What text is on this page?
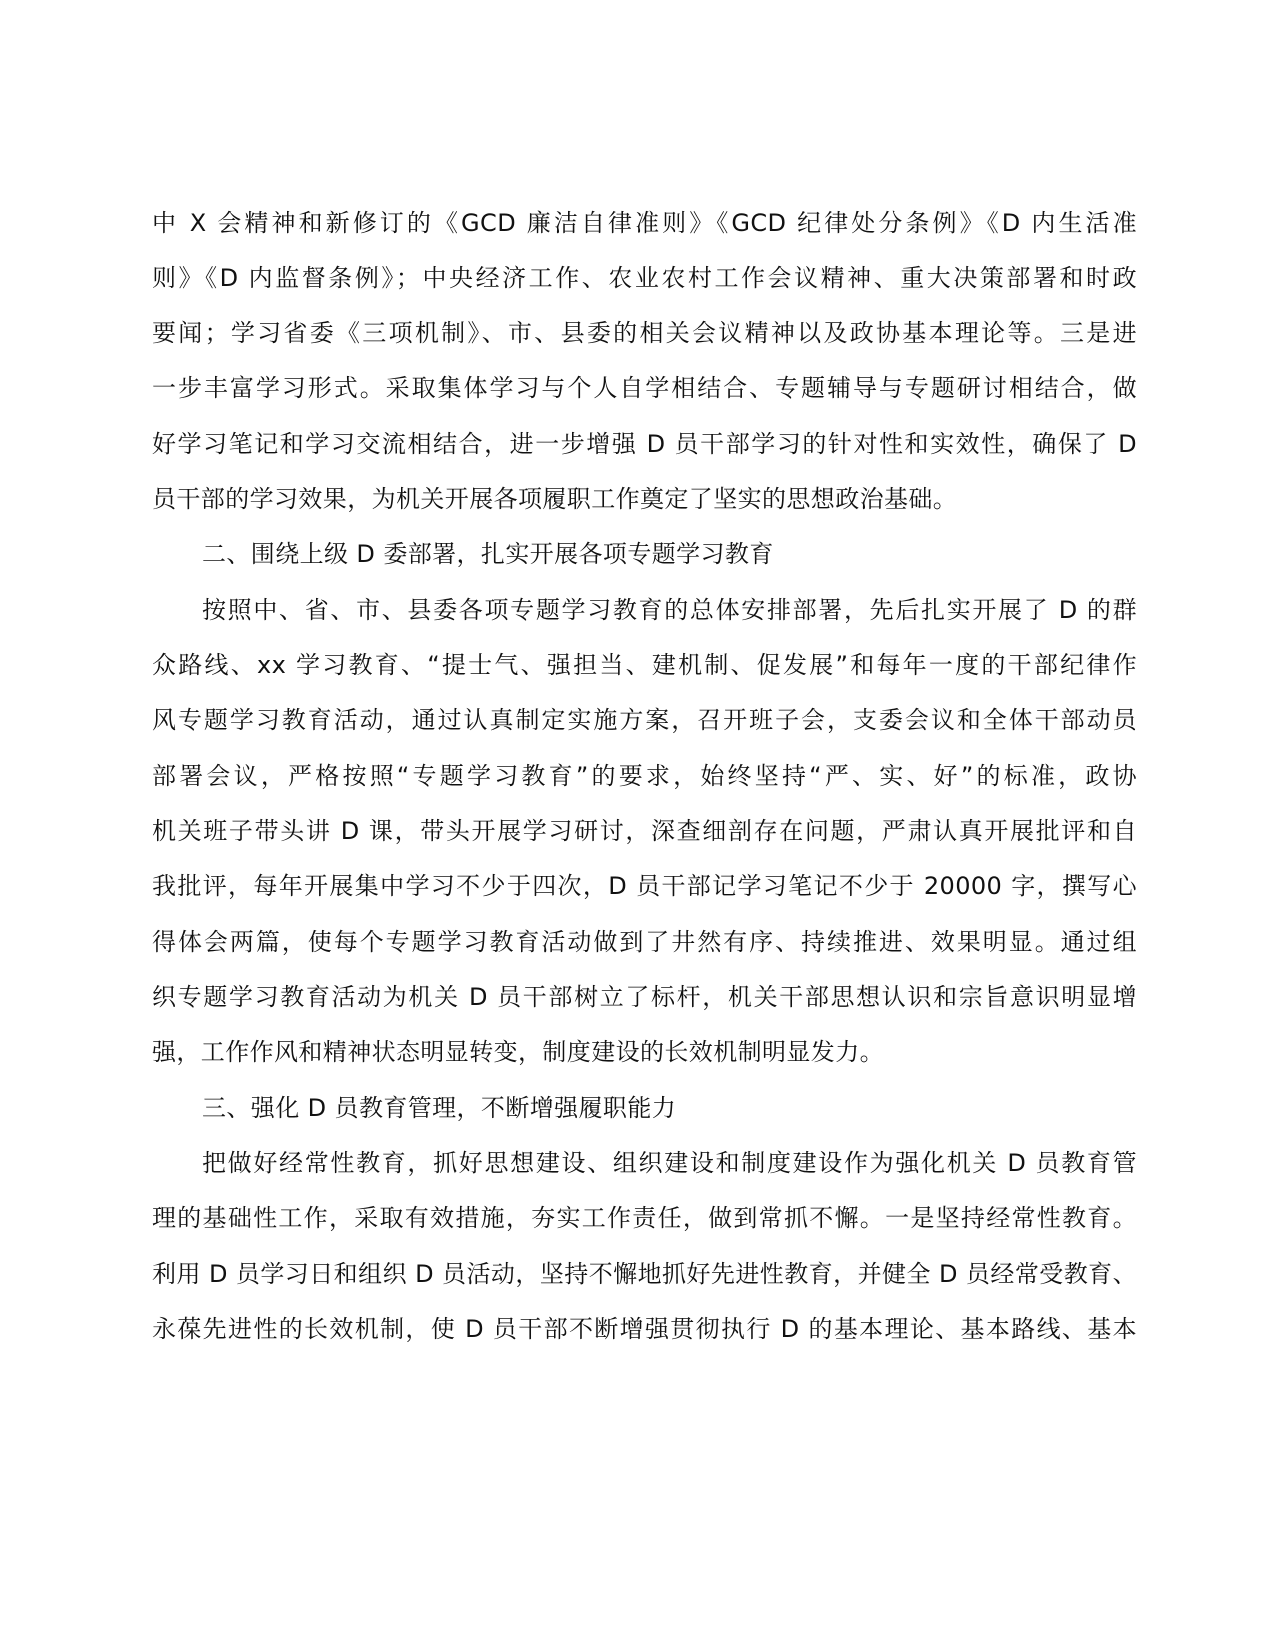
中 X 会精神和新修订的《GCD 廉洁自律准则》《GCD 纪律处分条例》《D 内生活准
则》《D 内监督条例》；中央经济工作、农业农村工作会议精神、重大决策部署和时政
要闻；学习省委《三项机制》、市、县委的相关会议精神以及政协基本理论等。三是进
一步丰富学习形式。采取集体学习与个人自学相结合、专题辅导与专题研讨相结合，做
好学习笔记和学习交流相结合，进一步增强 D 员干部学习的针对性和实效性，确保了 D
员干部的学习效果，为机关开展各项履职工作奠定了坚实的思想政治基础。
二、围绕上级 D 委部署，扎实开展各项专题学习教育
按照中、省、市、县委各项专题学习教育的总体安排部署，先后扎实开展了 D 的群
众路线、xx 学习教育、“提士气、强担当、建机制、促发展”和每年一度的干部纪律作
风专题学习教育活动，通过认真制定实施方案，召开班子会，支委会议和全体干部动员
部署会议，严格按照“专题学习教育”的要求，始终坚持“严、实、好”的标准，政协
机关班子带头讲 D 课，带头开展学习研讨，深查细剖存在问题，严肃认真开展批评和自
我批评，每年开展集中学习不少于四次，D 员干部记学习笔记不少于 20000 字，撰写心
得体会两篇，使每个专题学习教育活动做到了井然有序、持续推进、效果明显。通过组
织专题学习教育活动为机关 D 员干部树立了标杆，机关干部思想认识和宗旨意识明显增
强，工作作风和精神状态明显转变，制度建设的长效机制明显发力。
三、强化 D 员教育管理，不断增强履职能力
把做好经常性教育，抓好思想建设、组织建设和制度建设作为强化机关 D 员教育管
理的基础性工作，采取有效措施，夯实工作责任，做到常抓不懈。一是坚持经常性教育。
利用 D 员学习日和组织 D 员活动，坚持不懈地抓好先进性教育，并健全 D 员经常受教育、
永葆先进性的长效机制，使 D 员干部不断增强贯彻执行 D 的基本理论、基本路线、基本
